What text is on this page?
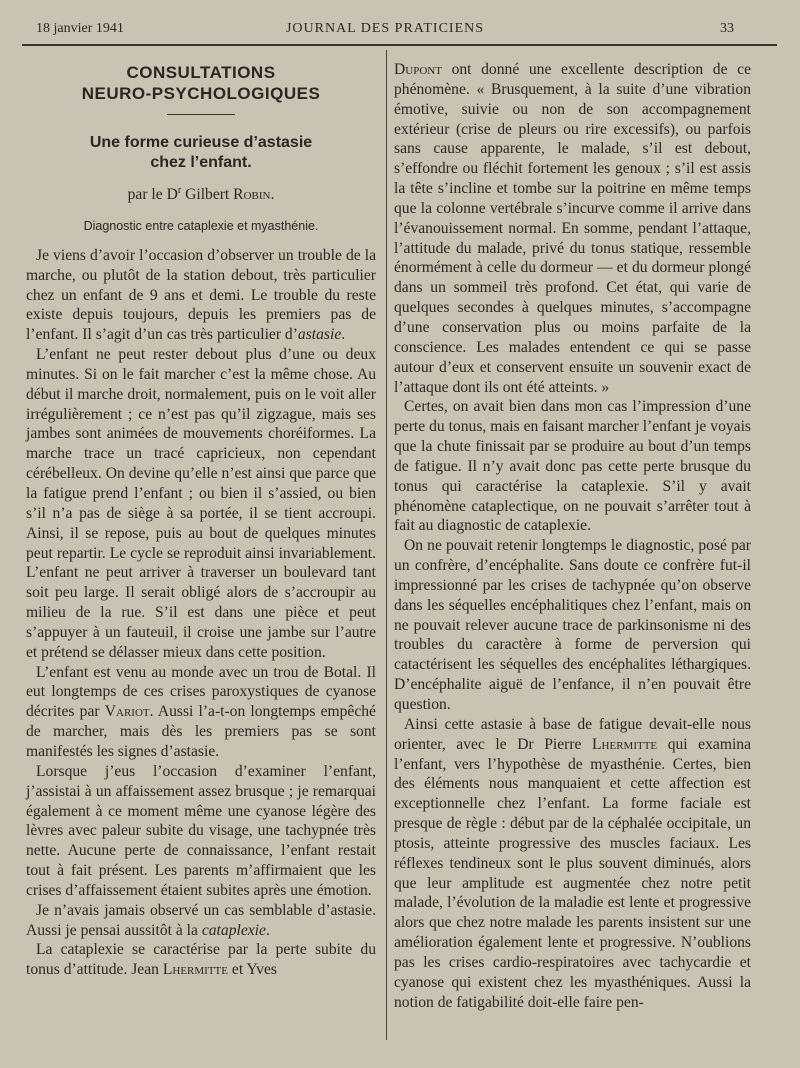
18 janvier 1941	JOURNAL DES PRATICIENS	33
CONSULTATIONS
NEURO-PSYCHOLOGIQUES
Une forme curieuse d’astasie
chez l’enfant.
par le $D^r$ Gilbert Robin.
Diagnostic entre cataplexie et myasthénie.

Je viens d’avoir l’occasion d’observer un trouble de la marche, ou plutôt de la station debout, très particulier chez un enfant de 9 ans et demi. Le trouble du reste existe depuis toujours, depuis les premiers pas de l’enfant. Il s’agit d’un cas très particulier d’astasie.

L’enfant ne peut rester debout plus d’une ou deux minutes. Si on le fait marcher c’est la même chose. Au début il marche droit, normalement, puis on le voit aller irrégulièrement ; ce n’est pas qu’il zigzague, mais ses jambes sont animées de mouvements choréiformes. La marche trace un tracé capricieux, non cependant cérébelleux. On devine qu’elle n’est ainsi que parce que la fatigue prend l’enfant ; ou bien il s’assied, ou bien s’il n’a pas de siège à sa portée, il se tient accroupi. Ainsi, il se repose, puis au bout de quelques minutes peut repartir. Le cycle se reproduit ainsi invariablement. L’enfant ne peut arriver à traverser un boulevard tant soit peu large. Il serait obligé alors de s’accroupir au milieu de la rue. S’il est dans une pièce et peut s’appuyer à un fauteuil, il croise une jambe sur l’autre et prétend se délasser mieux dans cette position.

L’enfant est venu au monde avec un trou de Botal. Il eut longtemps de ces crises paroxystiques de cyanose décrites par Variot. Aussi l’a-t-on longtemps empêché de marcher, mais dès les premiers pas se sont manifestés les signes d’astasie.

Lorsque j’eus l’occasion d’examiner l’enfant, j’assistai à un affaissement assez brusque ; je remarquai également à ce moment même une cyanose légère des lèvres avec paleur subite du visage, une tachypnée très nette. Aucune perte de connaissance, l’enfant restait tout à fait présent. Les parents m’affirmaient que les crises d’affaissement étaient subites après une émotion.

Je n’avais jamais observé un cas semblable d’astasie. Aussi je pensai aussitôt à la cataplexie.

La cataplexie se caractérise par la perte subite du tonus d’attitude. Jean Lhermitte et Yves

Dupont ont donné une excellente description de ce phénomène. « Brusquement, à la suite d’une vibration émotive, suivie ou non de son accompagnement extérieur (crise de pleurs ou rire excessifs), ou parfois sans cause apparente, le malade, s’il est debout, s’effondre ou fléchit fortement les genoux ; s’il est assis la tête s’incline et tombe sur la poitrine en même temps que la colonne vertébrale s’incurve comme il arrive dans l’évanouissement normal. En somme, pendant l’attaque, l’attitude du malade, privé du tonus statique, ressemble énormément à celle du dormeur — et du dormeur plongé dans un sommeil très profond. Cet état, qui varie de quelques secondes à quelques minutes, s’accompagne d’une conservation plus ou moins parfaite de la conscience. Les malades entendent ce qui se passe autour d’eux et conservent ensuite un souvenir exact de l’attaque dont ils ont été atteints. »

Certes, on avait bien dans mon cas l’impression d’une perte du tonus, mais en faisant marcher l’enfant je voyais que la chute finissait par se produire au bout d’un temps de fatigue. Il n’y avait donc pas cette perte brusque du tonus qui caractérise la cataplexie. S’il y avait phénomène cataplectique, on ne pouvait s’arrêter tout à fait au diagnostic de cataplexie.

On ne pouvait retenir longtemps le diagnostic, posé par un confrère, d’encéphalite. Sans doute ce confrère fut-il impressionné par les crises de tachypnée qu’on observe dans les séquelles encéphalitiques chez l’enfant, mais on ne pouvait relever aucune trace de parkinsonisme ni des troubles du caractère à forme de perversion qui catactérisent les séquelles des encéphalites léthargiques. D’encéphalite aiguë de l’enfance, il n’en pouvait être question.

Ainsi cette astasie à base de fatigue devait-elle nous orienter, avec le Dr Pierre Lhermitte qui examina l’enfant, vers l’hypothèse de myasthénie. Certes, bien des éléments nous manquaient et cette affection est exceptionnelle chez l’enfant. La forme faciale est presque de règle : début par de la céphalée occipitale, un ptosis, atteinte progressive des muscles faciaux. Les réflexes tendineux sont le plus souvent diminués, alors que leur amplitude est augmentée chez notre petit malade, l’évolution de la maladie est lente et progressive alors que chez notre malade les parents insistent sur une amélioration également lente et progressive. N’oublions pas les crises cardio-respiratoires avec tachycardie et cyanose qui existent chez les myasthéniques. Aussi la notion de fatigabilité doit-elle faire pen-
